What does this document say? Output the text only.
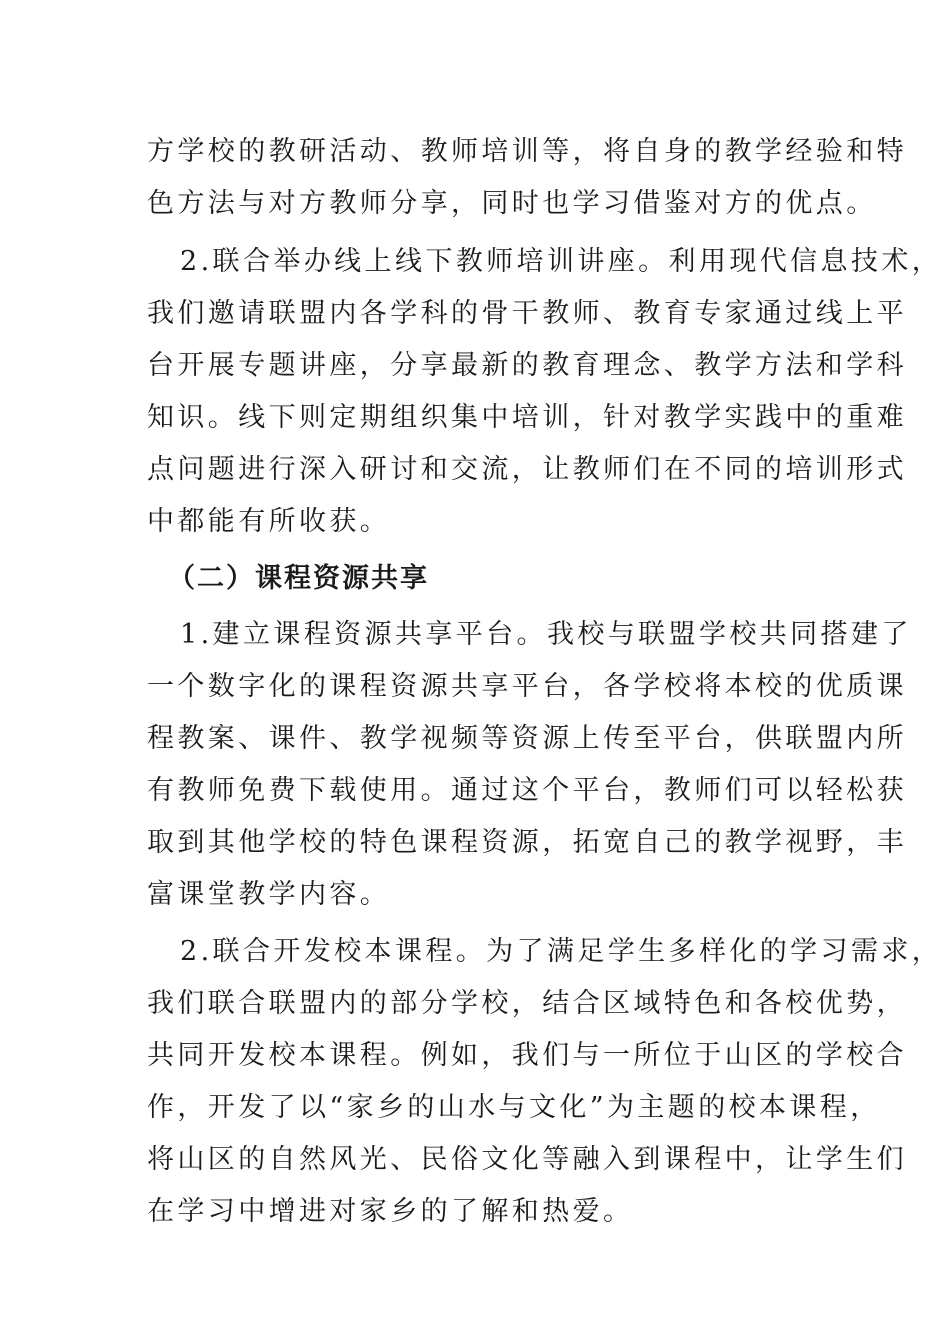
方学校的教研活动、教师培训等，将自身的教学经验和特

色方法与对方教师分享，同时也学习借鉴对方的优点。

2.联合举办线上线下教师培训讲座。利用现代信息技术，

我们邀请联盟内各学科的骨干教师、教育专家通过线上平

台开展专题讲座，分享最新的教育理念、教学方法和学科

知识。线下则定期组织集中培训，针对教学实践中的重难

点问题进行深入研讨和交流，让教师们在不同的培训形式

中都能有所收获。

（二）课程资源共享

1.建立课程资源共享平台。我校与联盟学校共同搭建了

一个数字化的课程资源共享平台，各学校将本校的优质课

程教案、课件、教学视频等资源上传至平台，供联盟内所

有教师免费下载使用。通过这个平台，教师们可以轻松获

取到其他学校的特色课程资源，拓宽自己的教学视野，丰

富课堂教学内容。

2.联合开发校本课程。为了满足学生多样化的学习需求，

我们联合联盟内的部分学校，结合区域特色和各校优势，

共同开发校本课程。例如，我们与一所位于山区的学校合

作，开发了以“家乡的山水与文化”为主题的校本课程，

将山区的自然风光、民俗文化等融入到课程中，让学生们

在学习中增进对家乡的了解和热爱。
